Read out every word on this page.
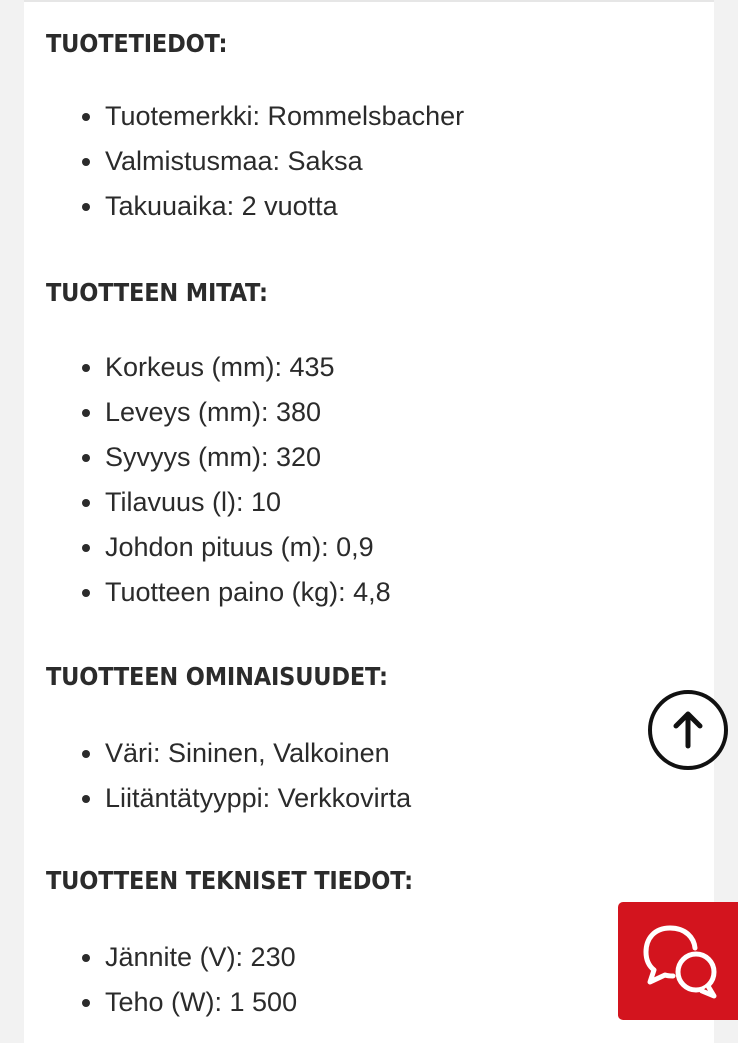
TUOTETIEDOT:
Tuotemerkki: Rommelsbacher
Valmistusmaa: Saksa
Takuuaika: 2 vuotta
TUOTTEEN MITAT:
Korkeus (mm): 435
Leveys (mm): 380
Syvyys (mm): 320
Tilavuus (l): 10
Johdon pituus (m): 0,9
Tuotteen paino (kg): 4,8
TUOTTEEN OMINAISUUDET:
Väri: Sininen, Valkoinen
Liitäntätyyppi: Verkkovirta
TUOTTEEN TEKNISET TIEDOT:
Jännite (V): 230
Teho (W): 1 500
